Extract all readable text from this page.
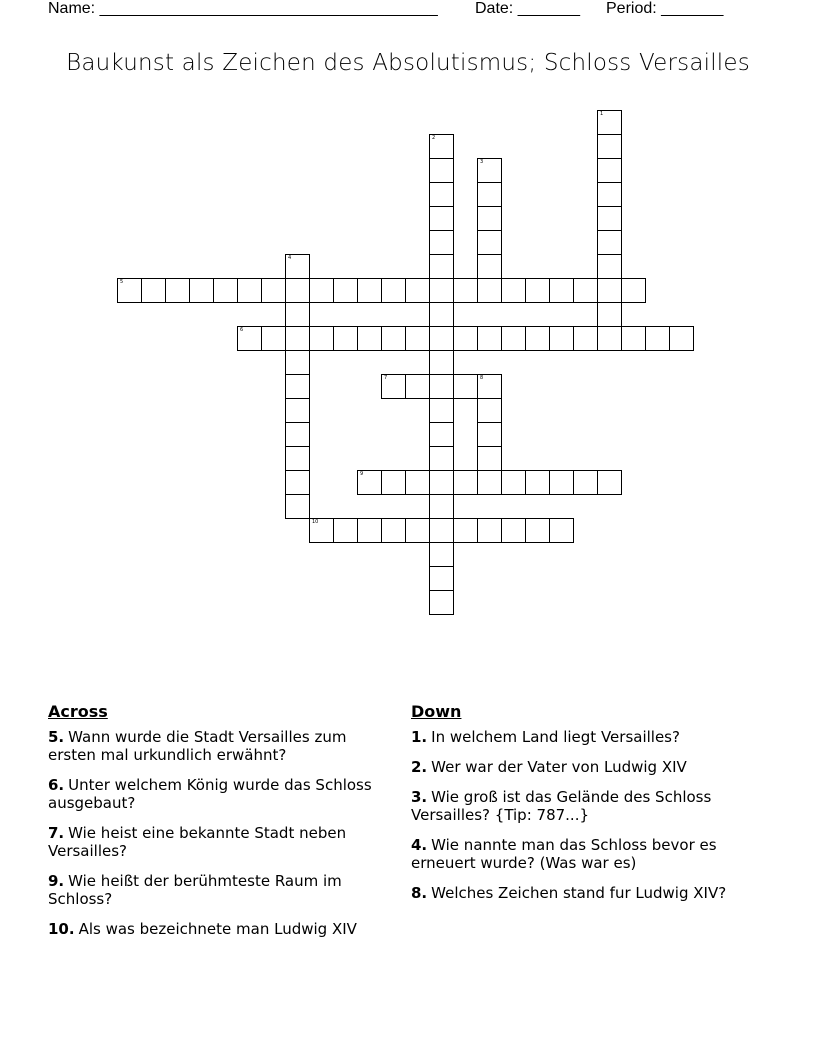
Name: ______________________________________ Date: _______ Period: _______
Baukunst als Zeichen des Absolutismus; Schloss Versailles
1
2
3
4
5
6
7	8
9
10
Across
5. Wann wurde die Stadt Versailles zum ersten mal urkundlich erwähnt?
6. Unter welchem König wurde das Schloss ausgebaut?
7. Wie heist eine bekannte Stadt neben Versailles?
9. Wie heißt der berühmteste Raum im Schloss?
10. Als was bezeichnete man Ludwig XIV
Down
1. In welchem Land liegt Versailles?
2. Wer war der Vater von Ludwig XIV
3. Wie groß ist das Gelände des Schloss Versailles? {Tip: 787...}
4. Wie nannte man das Schloss bevor es erneuert wurde? (Was war es)
8. Welches Zeichen stand fur Ludwig XIV?
